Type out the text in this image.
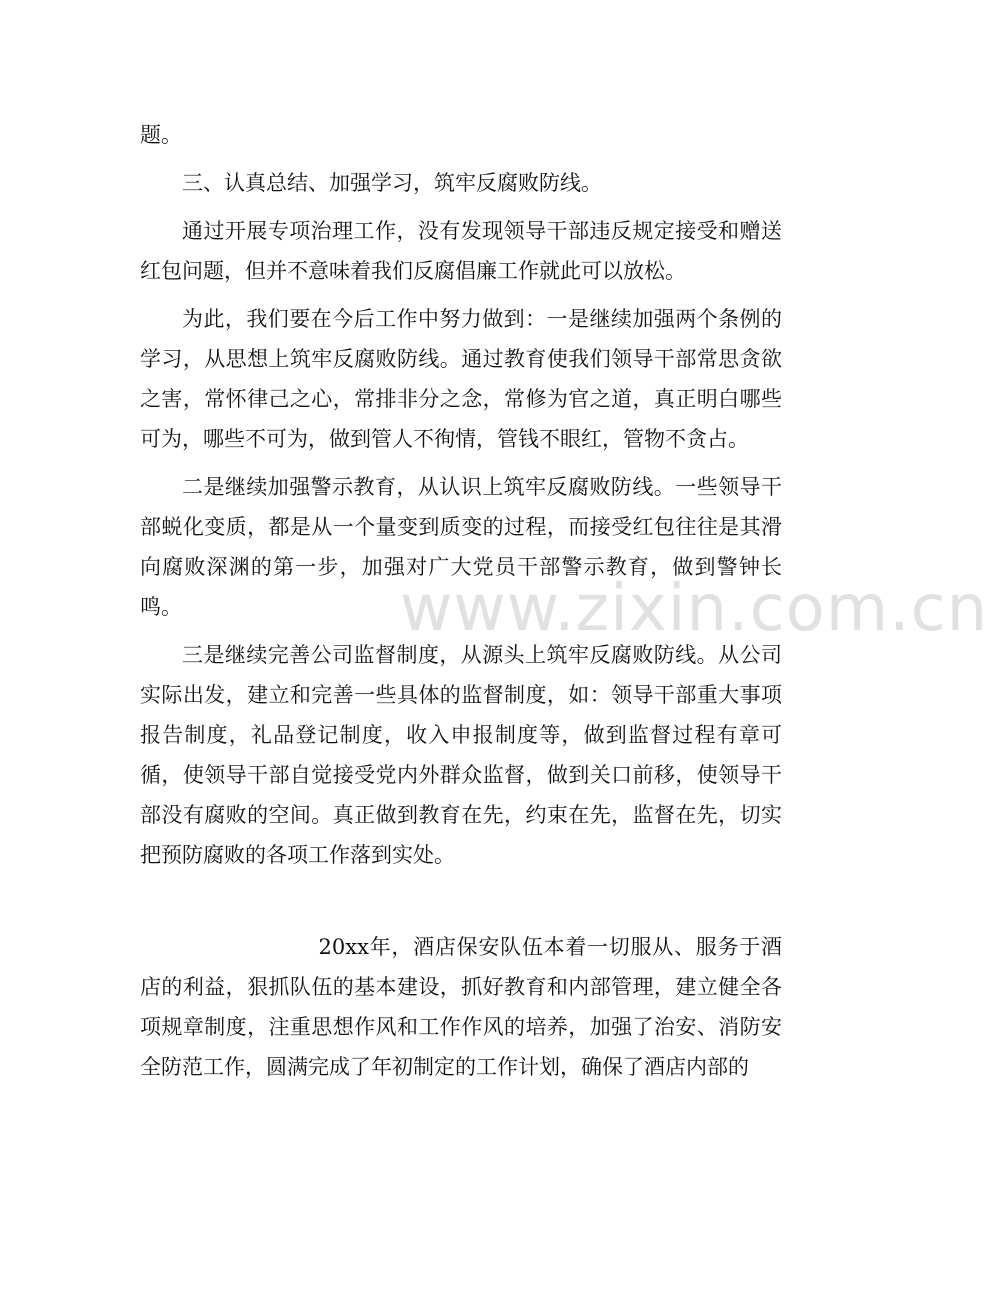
题。

三、认真总结、加强学习，筑牢反腐败防线。

通过开展专项治理工作，没有发现领导干部违反规定接受和赠送红包问题，但并不意味着我们反腐倡廉工作就此可以放松。

为此，我们要在今后工作中努力做到：一是继续加强两个条例的学习，从思想上筑牢反腐败防线。通过教育使我们领导干部常思贪欲之害，常怀律己之心，常排非分之念，常修为官之道，真正明白哪些可为，哪些不可为，做到管人不徇情，管钱不眼红，管物不贪占。

二是继续加强警示教育，从认识上筑牢反腐败防线。一些领导干部蜕化变质，都是从一个量变到质变的过程，而接受红包往往是其滑向腐败深渊的第一步，加强对广大党员干部警示教育，做到警钟长鸣。

三是继续完善公司监督制度，从源头上筑牢反腐败防线。从公司实际出发，建立和完善一些具体的监督制度，如：领导干部重大事项报告制度，礼品登记制度，收入申报制度等，做到监督过程有章可循，使领导干部自觉接受党内外群众监督，做到关口前移，使领导干部没有腐败的空间。真正做到教育在先，约束在先，监督在先，切实把预防腐败的各项工作落到实处。

20xx年，酒店保安队伍本着一切服从、服务于酒店的利益，狠抓队伍的基本建设，抓好教育和内部管理，建立健全各项规章制度，注重思想作风和工作作风的培养，加强了治安、消防安全防范工作，圆满完成了年初制定的工作计划，确保了酒店内部的

www.zixin.com.cn
